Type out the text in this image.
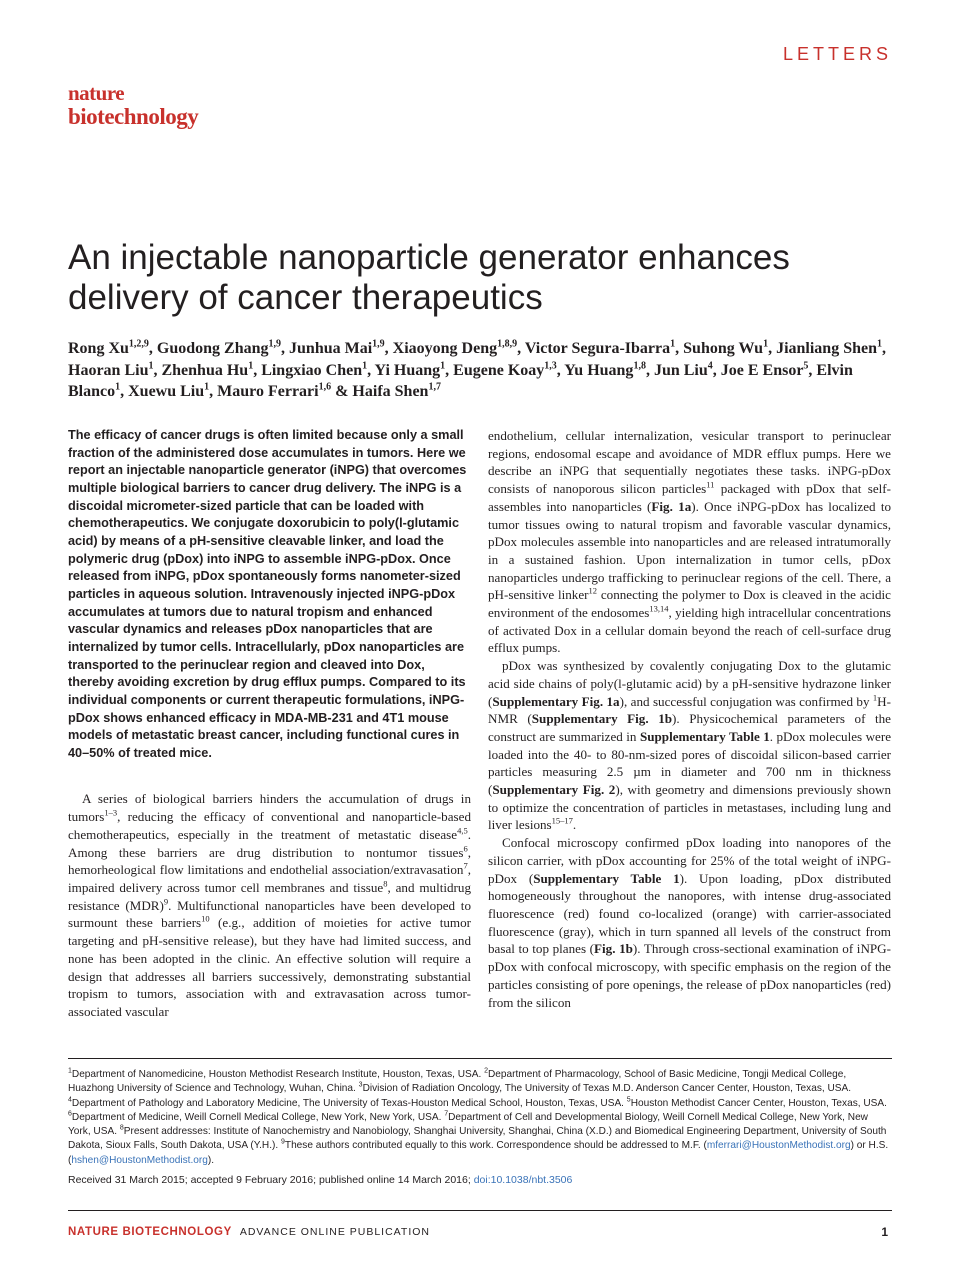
LETTERS
nature
biotechnology
An injectable nanoparticle generator enhances delivery of cancer therapeutics
Rong Xu$^{1,2,9}$, Guodong Zhang$^{1,9}$, Junhua Mai$^{1,9}$, Xiaoyong Deng$^{1,8,9}$, Victor Segura-Ibarra$^1$, Suhong Wu$^1$, Jianliang Shen$^1$, Haoran Liu$^1$, Zhenhua Hu$^1$, Lingxiao Chen$^1$, Yi Huang$^1$, Eugene Koay$^{1,3}$, Yu Huang$^{1,8}$, Jun Liu$^4$, Joe E Ensor$^5$, Elvin Blanco$^1$, Xuewu Liu$^1$, Mauro Ferrari$^{1,6}$ & Haifa Shen$^{1,7}$

The efficacy of cancer drugs is often limited because only a small fraction of the administered dose accumulates in tumors. Here we report an injectable nanoparticle generator (iNPG) that overcomes multiple biological barriers to cancer drug delivery. The iNPG is a discoidal micrometer-sized particle that can be loaded with chemotherapeutics. We conjugate doxorubicin to poly(l-glutamic acid) by means of a pH-sensitive cleavable linker, and load the polymeric drug (pDox) into iNPG to assemble iNPG-pDox. Once released from iNPG, pDox spontaneously forms nanometer-sized particles in aqueous solution. Intravenously injected iNPG-pDox accumulates at tumors due to natural tropism and enhanced vascular dynamics and releases pDox nanoparticles that are internalized by tumor cells. Intracellularly, pDox nanoparticles are transported to the perinuclear region and cleaved into Dox, thereby avoiding excretion by drug efflux pumps. Compared to its individual components or current therapeutic formulations, iNPG-pDox shows enhanced efficacy in MDA-MB-231 and 4T1 mouse models of metastatic breast cancer, including functional cures in 40–50% of treated mice.

A series of biological barriers hinders the accumulation of drugs in tumors$^{1-3}$, reducing the efficacy of conventional and nanoparticle-based chemotherapeutics, especially in the treatment of metastatic disease$^{4,5}$. Among these barriers are drug distribution to nontumor tissues$^6$, hemorheological flow limitations and endothelial association/extravasation$^7$, impaired delivery across tumor cell membranes and tissue$^8$, and multidrug resistance (MDR)$^9$. Multifunctional nanoparticles have been developed to surmount these barriers$^{10}$ (e.g., addition of moieties for active tumor targeting and pH-sensitive release), but they have had limited success, and none has been adopted in the clinic. An effective solution will require a design that addresses all barriers successively, demonstrating substantial tropism to tumors, association with and extravasation across tumor-associated vascular

endothelium, cellular internalization, vesicular transport to perinuclear regions, endosomal escape and avoidance of MDR efflux pumps. Here we describe an iNPG that sequentially negotiates these tasks. iNPG-pDox consists of nanoporous silicon particles$^{11}$ packaged with pDox that self-assembles into nanoparticles (Fig. 1a). Once iNPG-pDox has localized to tumor tissues owing to natural tropism and favorable vascular dynamics, pDox molecules assemble into nanoparticles and are released intratumorally in a sustained fashion. Upon internalization in tumor cells, pDox nanoparticles undergo trafficking to perinuclear regions of the cell. There, a pH-sensitive linker$^{12}$ connecting the polymer to Dox is cleaved in the acidic environment of the endosomes$^{13,14}$, yielding high intracellular concentrations of activated Dox in a cellular domain beyond the reach of cell-surface drug efflux pumps.

pDox was synthesized by covalently conjugating Dox to the glutamic acid side chains of poly(l-glutamic acid) by a pH-sensitive hydrazone linker (Supplementary Fig. 1a), and successful conjugation was confirmed by $^1$H-NMR (Supplementary Fig. 1b). Physicochemical parameters of the construct are summarized in Supplementary Table 1. pDox molecules were loaded into the 40- to 80-nm-sized pores of discoidal silicon-based carrier particles measuring 2.5 µm in diameter and 700 nm in thickness (Supplementary Fig. 2), with geometry and dimensions previously shown to optimize the concentration of particles in metastases, including lung and liver lesions$^{15-17}$.

Confocal microscopy confirmed pDox loading into nanopores of the silicon carrier, with pDox accounting for 25% of the total weight of iNPG-pDox (Supplementary Table 1). Upon loading, pDox distributed homogeneously throughout the nanopores, with intense drug-associated fluorescence (red) found co-localized (orange) with carrier-associated fluorescence (gray), which in turn spanned all levels of the construct from basal to top planes (Fig. 1b). Through cross-sectional examination of iNPG-pDox with confocal microscopy, with specific emphasis on the region of the particles consisting of pore openings, the release of pDox nanoparticles (red) from the silicon

$^1$Department of Nanomedicine, Houston Methodist Research Institute, Houston, Texas, USA. $^2$Department of Pharmacology, School of Basic Medicine, Tongji Medical College, Huazhong University of Science and Technology, Wuhan, China. $^3$Division of Radiation Oncology, The University of Texas M.D. Anderson Cancer Center, Houston, Texas, USA. $^4$Department of Pathology and Laboratory Medicine, The University of Texas-Houston Medical School, Houston, Texas, USA. $^5$Houston Methodist Cancer Center, Houston, Texas, USA. $^6$Department of Medicine, Weill Cornell Medical College, New York, New York, USA. $^7$Department of Cell and Developmental Biology, Weill Cornell Medical College, New York, New York, USA. $^8$Present addresses: Institute of Nanochemistry and Nanobiology, Shanghai University, Shanghai, China (X.D.) and Biomedical Engineering Department, University of South Dakota, Sioux Falls, South Dakota, USA (Y.H.). $^9$These authors contributed equally to this work. Correspondence should be addressed to M.F. (mferrari@HoustonMethodist.org) or H.S. (hshen@HoustonMethodist.org).

Received 31 March 2015; accepted 9 February 2016; published online 14 March 2016; doi:10.1038/nbt.3506
NATURE BIOTECHNOLOGY ADVANCE ONLINE PUBLICATION	1
